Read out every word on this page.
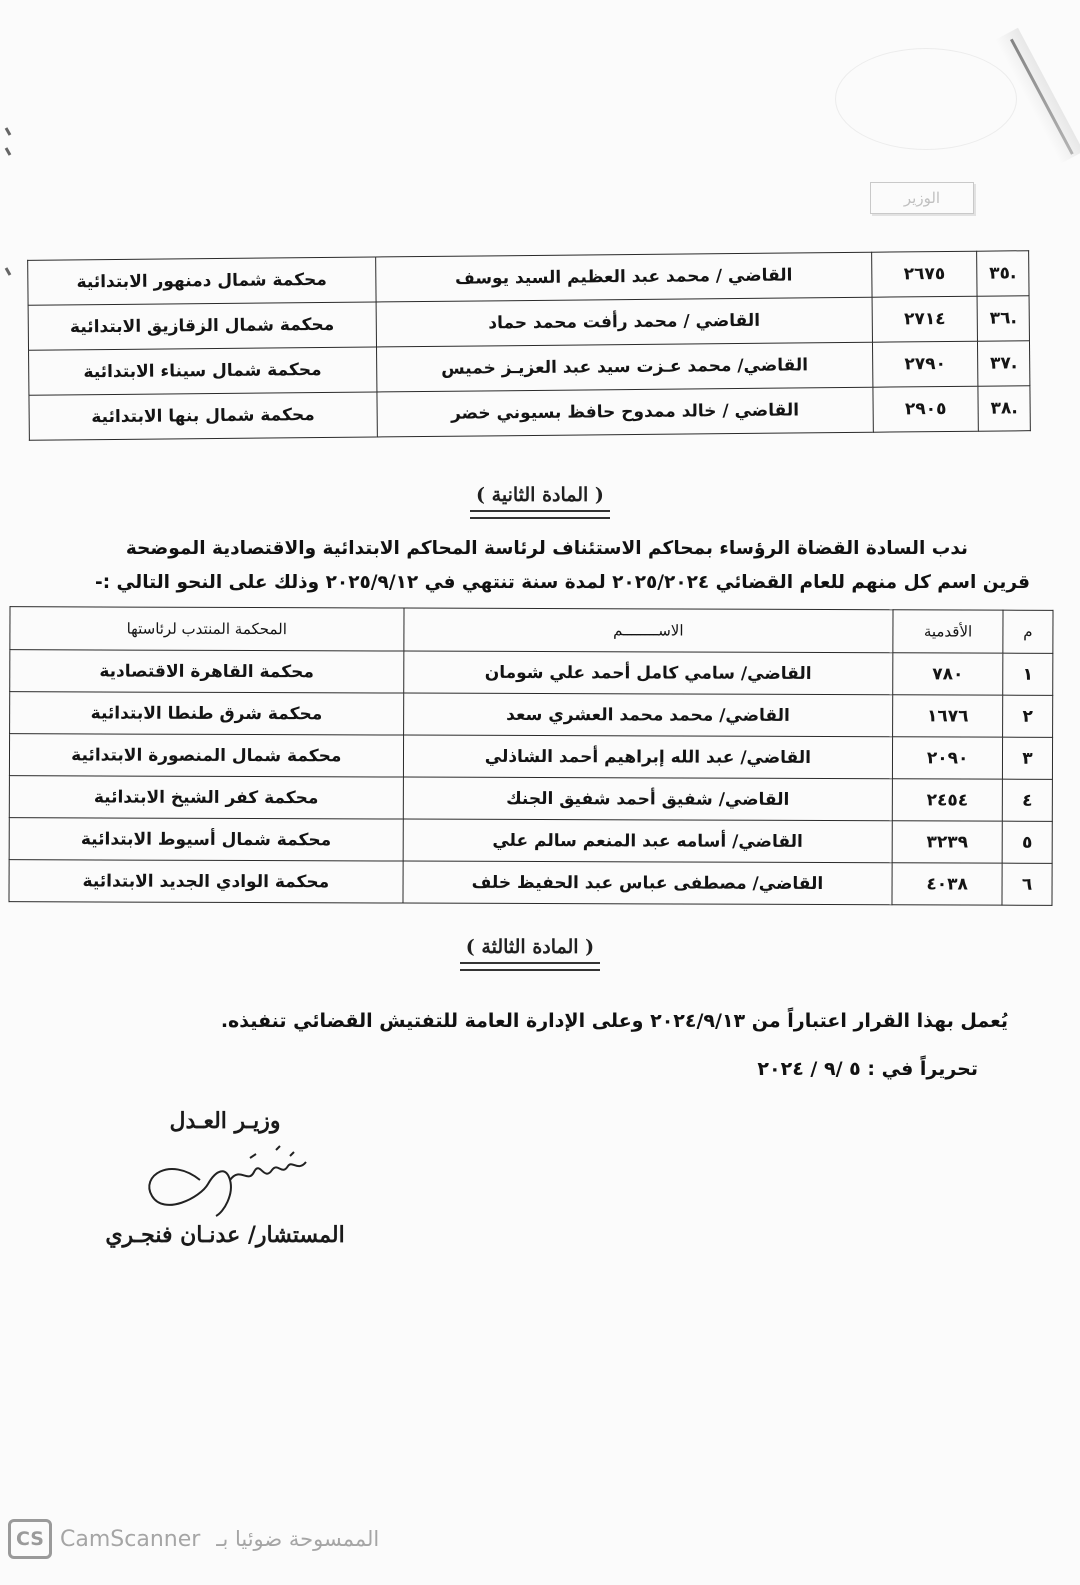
الوزير
.٣٥	٢٦٧٥	القاضي / محمد عبد العظيم السيد يوسف	محكمة شمال دمنهور الابتدائية
.٣٦	٢٧١٤	القاضي / محمد رأفت محمد حماد	محكمة شمال الزقازيق الابتدائية
.٣٧	٢٧٩٠	القاضي/ محمد عـزت سيد عبد العزيـز خميس	محكمة شمال سيناء الابتدائية
.٣٨	٢٩٠٥	القاضي / خالد ممدوح حافظ بسيوني خضر	محكمة شمال بنها الابتدائية
( المادة الثانية )
ندب السادة القضاة الرؤساء بمحاكم الاستئناف لرئاسة المحاكم الابتدائية والاقتصادية الموضحة
قرين اسم كل منهم للعام القضائي ٢٠٢٥/٢٠٢٤ لمدة سنة تنتهي في ٢٠٢٥/٩/١٢ وذلك على النحو التالي :-
م	الأقدمية	الاســــــــم	المحكمة المنتدب لرئاستها
١	٧٨٠	القاضي/ سامي كامل أحمد علي شومان	محكمة القاهرة الاقتصادية
٢	١٦٧٦	القاضي/ محمد محمد العشري سعد	محكمة شرق طنطا الابتدائية
٣	٢٠٩٠	القاضي/ عبد الله إبراهيم أحمد الشاذلي	محكمة شمال المنصورة الابتدائية
٤	٢٤٥٤	القاضي/ شفيق أحمد شفيق الجنك	محكمة كفر الشيخ الابتدائية
٥	٣٢٣٩	القاضي/ أسامه عبد المنعم سالم علي	محكمة شمال أسيوط الابتدائية
٦	٤٠٣٨	القاضي/ مصطفى عباس عبد الحفيظ خلف	محكمة الوادي الجديد الابتدائية
( المادة الثالثة )
يُعمل بهذا القرار اعتباراً من ٢٠٢٤/٩/١٣ وعلى الإدارة العامة للتفتيش القضائي تنفيذه.
تحريراً في : ٥ /٩ / ٢٠٢٤
وزيـر العـدل
المستشار/ عدنـان فنجـري
CS CamScanner الممسوحة ضوئيا بـ
